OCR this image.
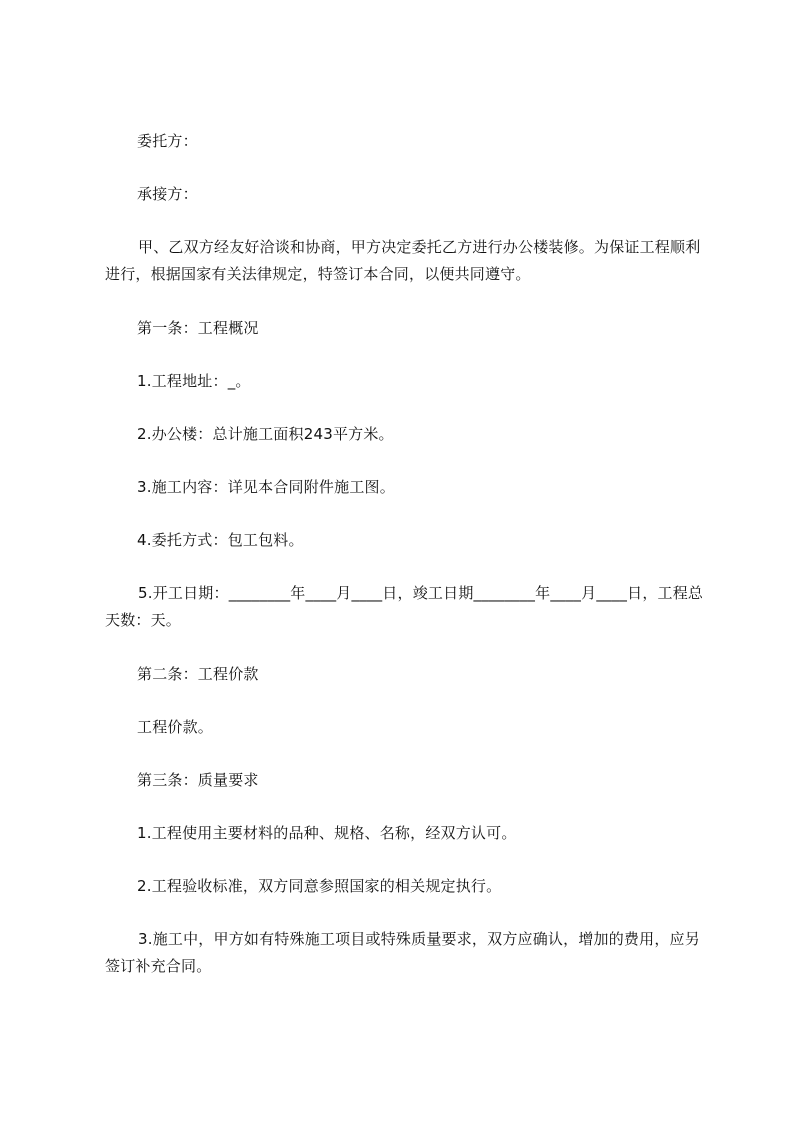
委托方：

承接方：

甲、乙双方经友好洽谈和协商，甲方决定委托乙方进行办公楼装修。为保证工程顺利进行，根据国家有关法律规定，特签订本合同，以便共同遵守。

第一条：工程概况

1.工程地址：_。

2.办公楼：总计施工面积243平方米。

3.施工内容：详见本合同附件施工图。

4.委托方式：包工包料。

5.开工日期：________年____月____日，竣工日期________年____月____日，工程总天数：天。

第二条：工程价款

工程价款。

第三条：质量要求

1.工程使用主要材料的品种、规格、名称，经双方认可。

2.工程验收标准，双方同意参照国家的相关规定执行。

3.施工中，甲方如有特殊施工项目或特殊质量要求，双方应确认，增加的费用，应另签订补充合同。
